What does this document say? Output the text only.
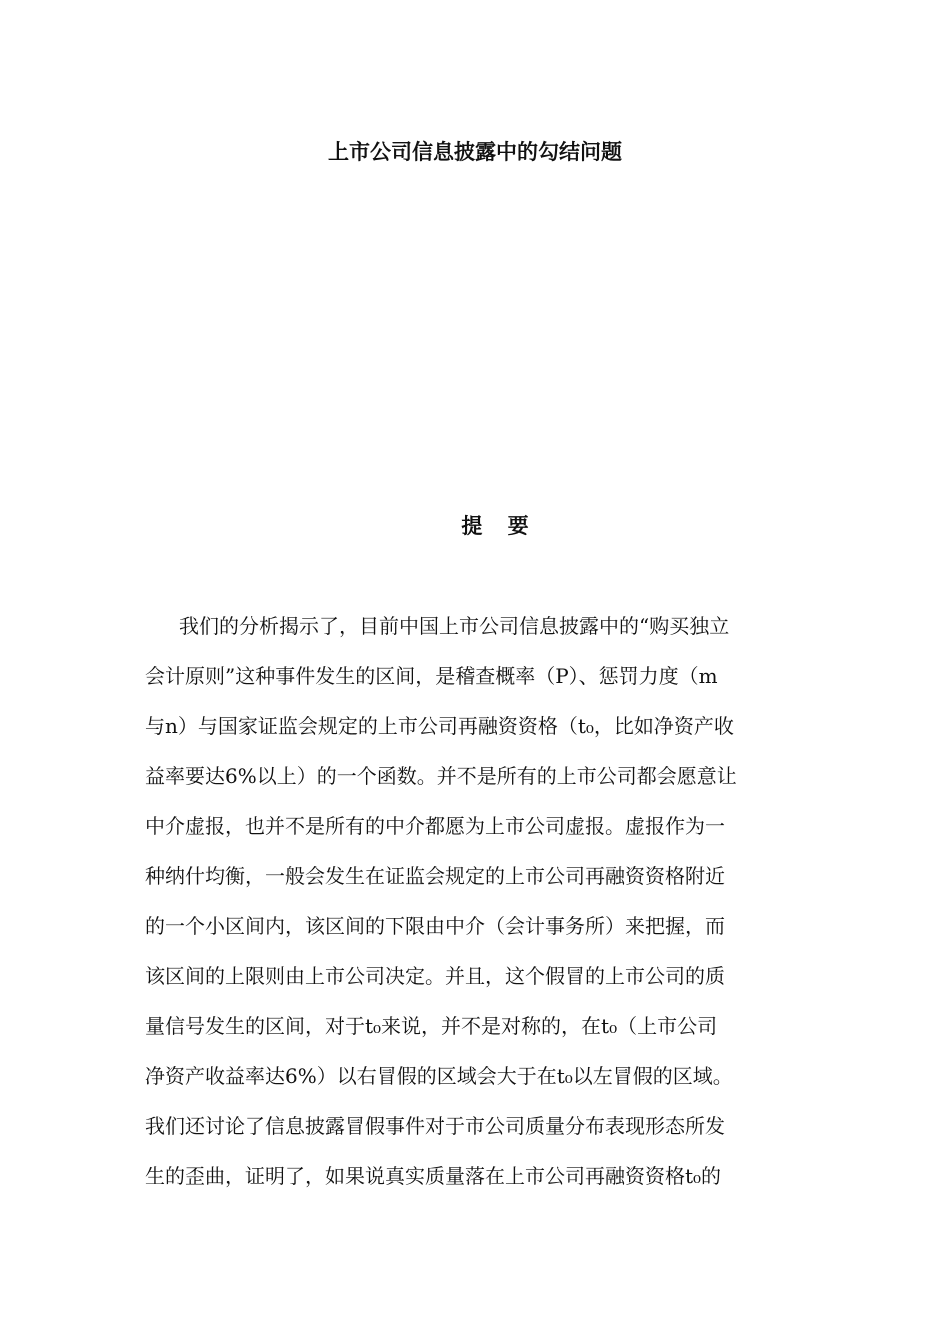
上市公司信息披露中的勾结问题
提 要
我们的分析揭示了，目前中国上市公司信息披露中的“购买独立
会计原则”这种事件发生的区间，是稽查概率（P）、惩罚力度（m
与n）与国家证监会规定的上市公司再融资资格（t₀，比如净资产收
益率要达6%以上）的一个函数。并不是所有的上市公司都会愿意让
中介虚报，也并不是所有的中介都愿为上市公司虚报。虚报作为一
种纳什均衡，一般会发生在证监会规定的上市公司再融资资格附近
的一个小区间内，该区间的下限由中介（会计事务所）来把握，而
该区间的上限则由上市公司决定。并且，这个假冒的上市公司的质
量信号发生的区间，对于t₀来说，并不是对称的，在t₀（上市公司
净资产收益率达6%）以右冒假的区域会大于在t₀以左冒假的区域。
我们还讨论了信息披露冒假事件对于市公司质量分布表现形态所发
生的歪曲，证明了，如果说真实质量落在上市公司再融资资格t₀的
